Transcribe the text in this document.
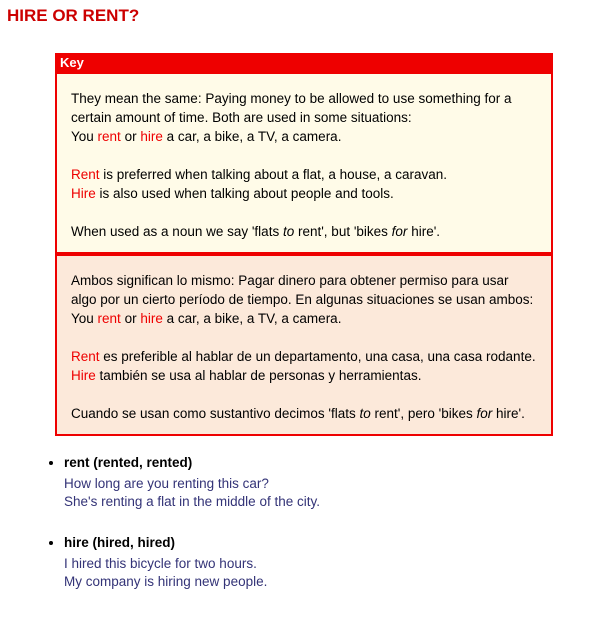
HIRE OR RENT?
Key

They mean the same: Paying money to be allowed to use something for a certain amount of time. Both are used in some situations:
You rent or hire a car, a bike, a TV, a camera.

Rent is preferred when talking about a flat, a house, a caravan.
Hire is also used when talking about people and tools.

When used as a noun we say 'flats to rent', but 'bikes for hire'.

Ambos significan lo mismo: Pagar dinero para obtener permiso para usar algo por un cierto período de tiempo. En algunas situaciones se usan ambos:
You rent or hire a car, a bike, a TV, a camera.

Rent es preferible al hablar de un departamento, una casa, una casa rodante.
Hire también se usa al hablar de personas y herramientas.

Cuando se usan como sustantivo decimos 'flats to rent', pero 'bikes for hire'.

• rent (rented, rented)
How long are you renting this car?
She's renting a flat in the middle of the city.
• hire (hired, hired)
I hired this bicycle for two hours.
My company is hiring new people.
